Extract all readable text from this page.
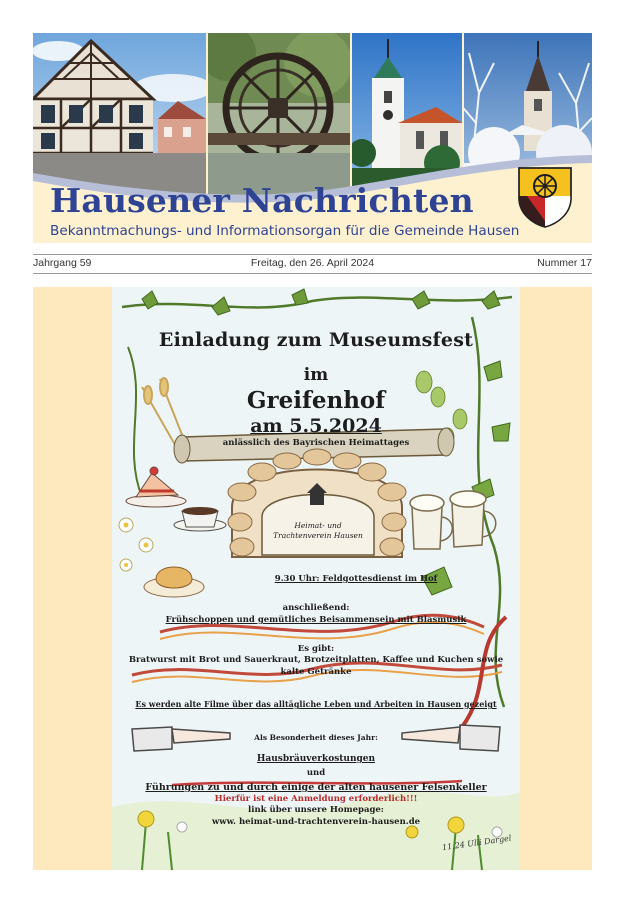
Hausener Nachrichten

Bekanntmachungs- und Informationsorgan für die Gemeinde Hausen

Jahrgang 59	Freitag, den 26. April 2024	Nummer 17
Einladung zum Museumsfest
im
Greifenhof
am 5.5.2024
anlässlich des Bayrischen Heimattages
Heimat- und
Trachtenverein Hausen
9.30 Uhr: Feldgottesdienst im Hof
anschließend:
Frühschoppen und gemütliches Beisammensein mit Blasmusik
Es gibt:
Bratwurst mit Brot und Sauerkraut, Brotzeitplatten, Kaffee und Kuchen sowie
kalte Getränke
Es werden alte Filme über das alltägliche Leben und Arbeiten in Hausen gezeigt
Als Besonderheit dieses Jahr:
Hausbräuverkostungen
und
Führungen zu und durch einige der alten hausener Felsenkeller
Hierfür ist eine Anmeldung erforderlich!!!
link über unsere Homepage:
www. heimat-und-trachtenverein-hausen.de
11.24 Ulli Dargel
